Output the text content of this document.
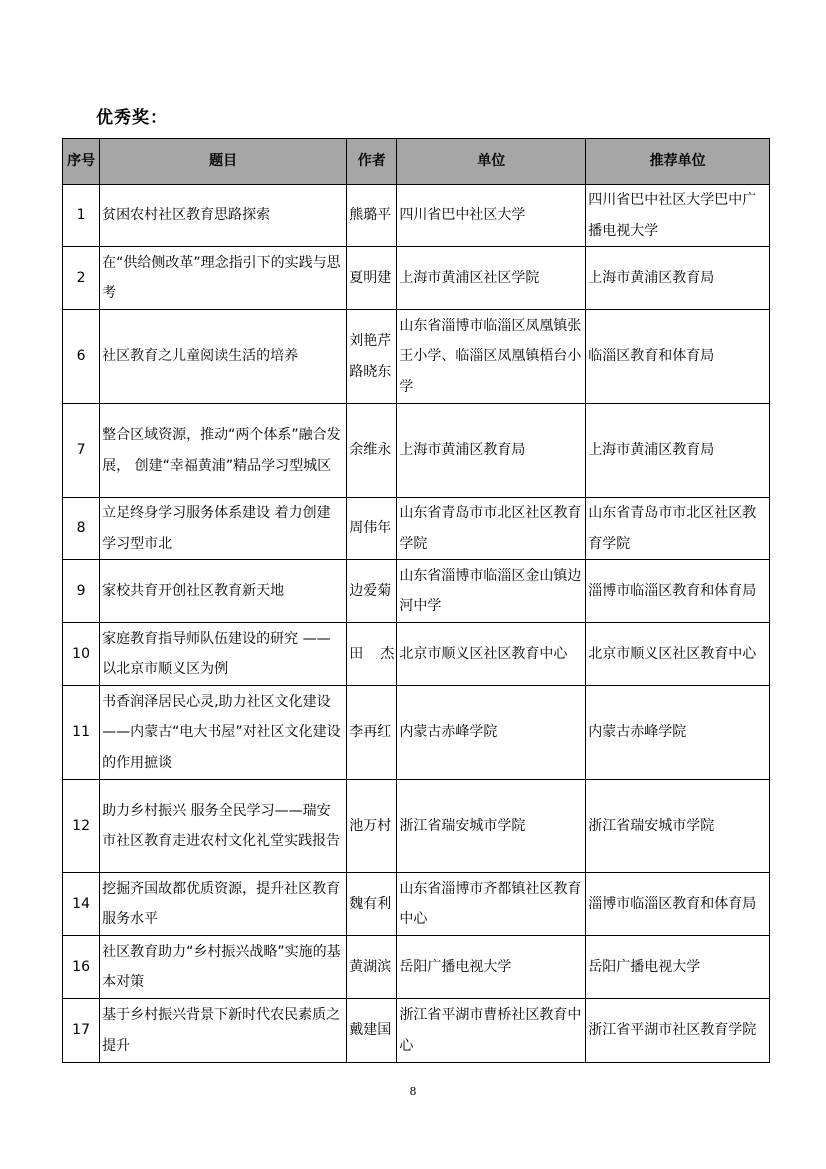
优秀奖：
序号	题目	作者	单位	推荐单位
1	贫困农村社区教育思路探索	熊璐平	四川省巴中社区大学	四川省巴中社区大学巴中广播电视大学
2	在“供给侧改革”理念指引下的实践与思考	夏明建	上海市黄浦区社区学院	上海市黄浦区教育局
6	社区教育之儿童阅读生活的培养	刘艳芹 路晓东	山东省淄博市临淄区凤凰镇张王小学、临淄区凤凰镇梧台小学	临淄区教育和体育局
7	整合区域资源，推动“两个体系”融合发展， 创建“幸福黄浦”精品学习型城区	余维永	上海市黄浦区教育局	上海市黄浦区教育局
8	立足终身学习服务体系建设 着力创建学习型市北	周伟年	山东省青岛市市北区社区教育学院	山东省青岛市市北区社区教育学院
9	家校共育开创社区教育新天地	边爱菊	山东省淄博市临淄区金山镇边河中学	淄博市临淄区教育和体育局
10	家庭教育指导师队伍建设的研究 ——以北京市顺义区为例	田 杰	北京市顺义区社区教育中心	北京市顺义区社区教育中心
11	书香润泽居民心灵,助力社区文化建设——内蒙古“电大书屋”对社区文化建设的作用摭谈	李再红	内蒙古赤峰学院	内蒙古赤峰学院
12	助力乡村振兴 服务全民学习——瑞安市社区教育走进农村文化礼堂实践报告	池万村	浙江省瑞安城市学院	浙江省瑞安城市学院
14	挖掘齐国故都优质资源，提升社区教育服务水平	魏有利	山东省淄博市齐都镇社区教育中心	淄博市临淄区教育和体育局
16	社区教育助力“乡村振兴战略”实施的基本对策	黄湖滨	岳阳广播电视大学	岳阳广播电视大学
17	基于乡村振兴背景下新时代农民素质之提升	戴建国	浙江省平湖市曹桥社区教育中心	浙江省平湖市社区教育学院
8
